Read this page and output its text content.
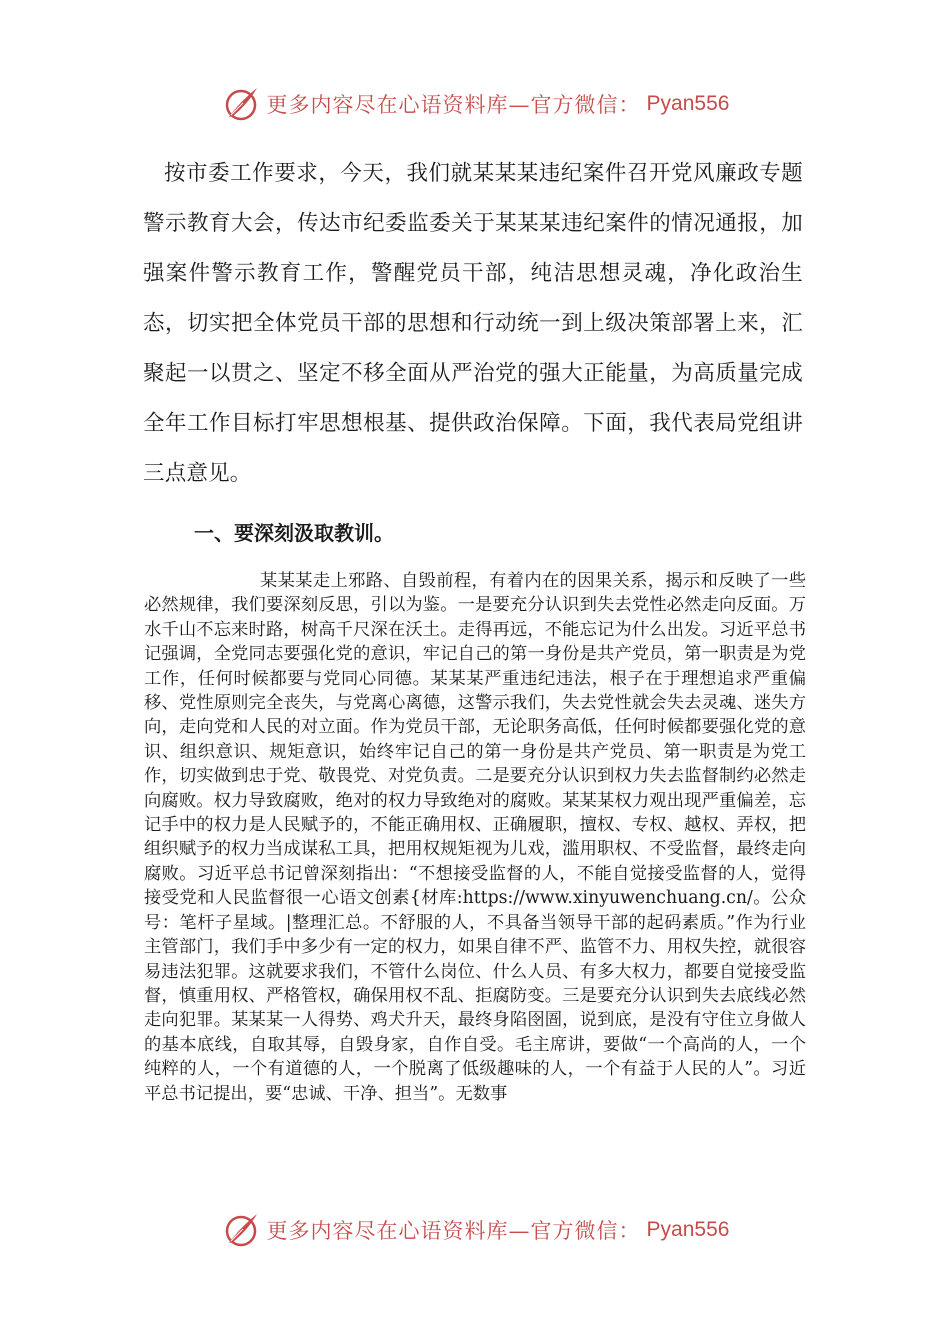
更多内容尽在心语资料库—官方微信： Pyan556

按市委工作要求，今天，我们就某某某违纪案件召开党风廉政专题警示教育大会，传达市纪委监委关于某某某违纪案件的情况通报，加强案件警示教育工作，警醒党员干部，纯洁思想灵魂，净化政治生态，切实把全体党员干部的思想和行动统一到上级决策部署上来，汇聚起一以贯之、坚定不移全面从严治党的强大正能量，为高质量完成全年工作目标打牢思想根基、提供政治保障。下面，我代表局党组讲三点意见。

一、要深刻汲取教训。

某某某走上邪路、自毁前程，有着内在的因果关系，揭示和反映了一些必然规律，我们要深刻反思，引以为鉴。一是要充分认识到失去党性必然走向反面。万水千山不忘来时路，树高千尺深在沃土。走得再远，不能忘记为什么出发。习近平总书记强调，全党同志要强化党的意识，牢记自己的第一身份是共产党员，第一职责是为党工作，任何时候都要与党同心同德。某某某严重违纪违法，根子在于理想追求严重偏移、党性原则完全丧失，与党离心离德，这警示我们，失去党性就会失去灵魂、迷失方向，走向党和人民的对立面。作为党员干部，无论职务高低，任何时候都要强化党的意识、组织意识、规矩意识，始终牢记自己的第一身份是共产党员、第一职责是为党工作，切实做到忠于党、敬畏党、对党负责。二是要充分认识到权力失去监督制约必然走向腐败。权力导致腐败，绝对的权力导致绝对的腐败。某某某权力观出现严重偏差，忘记手中的权力是人民赋予的，不能正确用权、正确履职，擅权、专权、越权、弄权，把组织赋予的权力当成谋私工具，把用权规矩视为儿戏，滥用职权、不受监督，最终走向腐败。习近平总书记曾深刻指出：“不想接受监督的人，不能自觉接受监督的人，觉得接受党和人民监督很一心语文创素{材库:https://www.xinyuwenchuang.cn/。公众号：笔杆子星域。|整理汇总。不舒服的人，不具备当领导干部的起码素质。”作为行业主管部门，我们手中多少有一定的权力，如果自律不严、监管不力、用权失控，就很容易违法犯罪。这就要求我们，不管什么岗位、什么人员、有多大权力，都要自觉接受监督，慎重用权、严格管权，确保用权不乱、拒腐防变。三是要充分认识到失去底线必然走向犯罪。某某某一人得势、鸡犬升天，最终身陷囹圄，说到底，是没有守住立身做人的基本底线，自取其辱，自毁身家，自作自受。毛主席讲，要做“一个高尚的人，一个纯粹的人，一个有道德的人，一个脱离了低级趣味的人，一个有益于人民的人”。习近平总书记提出，要“忠诚、干净、担当”。无数事

更多内容尽在心语资料库—官方微信： Pyan556
